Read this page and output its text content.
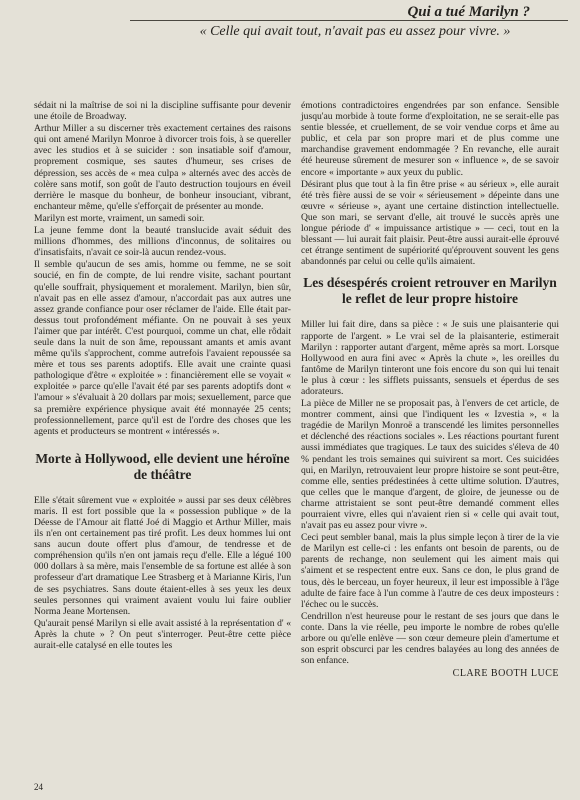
Qui a tué Marilyn ?
« Celle qui avait tout, n'avait pas eu assez pour vivre. »

sédait ni la maîtrise de soi ni la discipline suffisante pour devenir une étoile de Broadway.

Arthur Miller a su discerner très exactement certaines des raisons qui ont amené Marilyn Monroe à divorcer trois fois, à se quereller avec les studios et à se suicider : son insatiable soif d'amour, proprement cosmique, ses sautes d'humeur, ses crises de dépression, ses accès de « mea culpa » alternés avec des accès de colère sans motif, son goût de l'auto destruction toujours en éveil derrière le masque du bonheur, de bonheur insouciant, vibrant, enchanteur même, qu'elle s'efforçait de présenter au monde.

Marilyn est morte, vraiment, un samedi soir.

La jeune femme dont la beauté translucide avait séduit des millions d'hommes, des millions d'inconnus, de solitaires ou d'insatisfaits, n'avait ce soir-là aucun rendez-vous.

Il semble qu'aucun de ses amis, homme ou femme, ne se soit soucié, en fin de compte, de lui rendre visite, sachant pourtant qu'elle souffrait, physiquement et moralement. Marilyn, bien sûr, n'avait pas en elle assez d'amour, n'accordait pas aux autres une assez grande confiance pour oser réclamer de l'aide. Elle était par-dessus tout profondément méfiante. On ne pouvait à ses yeux l'aimer que par intérêt. C'est pourquoi, comme un chat, elle rôdait seule dans la nuit de son âme, repoussant amants et amis avant même qu'ils s'approchent, comme autrefois l'avaient repoussée sa mère et tous ses parents adoptifs. Elle avait une crainte quasi pathologique d'être « exploitée » : financièrement elle se voyait « exploitée » parce qu'elle l'avait été par ses parents adoptifs dont « l'amour » s'évaluait à 20 dollars par mois; sexuellement, parce que sa première expérience physique avait été monnayée 25 cents; professionnellement, parce qu'il est de l'ordre des choses que les agents et producteurs se montrent « intéressés ».

Morte à Hollywood, elle devient une héroïne de théâtre

Elle s'était sûrement vue « exploitée » aussi par ses deux célèbres maris. Il est fort possible que la « possession publique » de la Déesse de l'Amour ait flatté Joé di Maggio et Arthur Miller, mais ils n'en ont certainement pas tiré profit. Les deux hommes lui ont sans aucun doute offert plus d'amour, de tendresse et de compréhension qu'ils n'en ont jamais reçu d'elle. Elle a légué 100 000 dollars à sa mère, mais l'ensemble de sa fortune est allée à son professeur d'art dramatique Lee Strasberg et à Marianne Kiris, l'un de ses psychiatres. Sans doute étaient-elles à ses yeux les deux seules personnes qui vraiment avaient voulu lui faire oublier Norma Jeane Mortensen.

Qu'aurait pensé Marilyn si elle avait assisté à la représentation d' « Après la chute » ? On peut s'interroger. Peut-être cette pièce aurait-elle catalysé en elle toutes les

émotions contradictoires engendrées par son enfance. Sensible jusqu'au morbide à toute forme d'exploitation, ne se serait-elle pas sentie blessée, et cruellement, de se voir vendue corps et âme au public, et cela par son propre mari et de plus comme une marchandise gravement endommagée ? En revanche, elle aurait été heureuse sûrement de mesurer son « influence », de se savoir encore « importante » aux yeux du public.

Désirant plus que tout à la fin être prise « au sérieux », elle aurait été très fière aussi de se voir « sérieusement » dépeinte dans une œuvre « sérieuse », ayant une certaine distinction intellectuelle. Que son mari, se servant d'elle, ait trouvé le succès après une longue période d' « impuissance artistique » — ceci, tout en la blessant — lui aurait fait plaisir. Peut-être aussi aurait-elle éprouvé cet étrange sentiment de supériorité qu'éprouvent souvent les gens abandonnés par celui ou celle qu'ils aimaient.

Les désespérés croient retrouver en Marilyn le reflet de leur propre histoire

Miller lui fait dire, dans sa pièce : « Je suis une plaisanterie qui rapporte de l'argent. » Le vrai sel de la plaisanterie, estimerait Marilyn : rapporter autant d'argent, même après sa mort. Lorsque Hollywood en aura fini avec « Après la chute », les oreilles du fantôme de Marilyn tinteront une fois encore du son qui lui tenait le plus à cœur : les sifflets puissants, sensuels et éperdus de ses adorateurs.

La pièce de Miller ne se proposait pas, à l'envers de cet article, de montrer comment, ainsi que l'indiquent les « Izvestia », « la tragédie de Marilyn Monroë a transcendé les limites personnelles et déclenché des réactions sociales ». Les réactions pourtant furent aussi immédiates que tragiques. Le taux des suicides s'éleva de 40 % pendant les trois semaines qui suivirent sa mort. Ces suicidées qui, en Marilyn, retrouvaient leur propre histoire se sont peut-être, comme elle, senties prédestinées à cette ultime solution. D'autres, que celles que le manque d'argent, de gloire, de jeunesse ou de charme attristaient se sont peut-être demandé comment elles pourraient vivre, elles qui n'avaient rien si « celle qui avait tout, n'avait pas eu assez pour vivre ».

Ceci peut sembler banal, mais la plus simple leçon à tirer de la vie de Marilyn est celle-ci : les enfants ont besoin de parents, ou de parents de rechange, non seulement qui les aiment mais qui s'aiment et se respectent entre eux. Sans ce don, le plus grand de tous, dès le berceau, un foyer heureux, il leur est impossible à l'âge adulte de faire face à l'un comme à l'autre de ces deux imposteurs : l'échec ou le succès.

Cendrillon n'est heureuse pour le restant de ses jours que dans le conte. Dans la vie réelle, peu importe le nombre de robes qu'elle arbore ou qu'elle enlève — son cœur demeure plein d'amertume et son esprit obscurci par les cendres balayées au long des années de son enfance.

CLARE BOOTH LUCE
24
